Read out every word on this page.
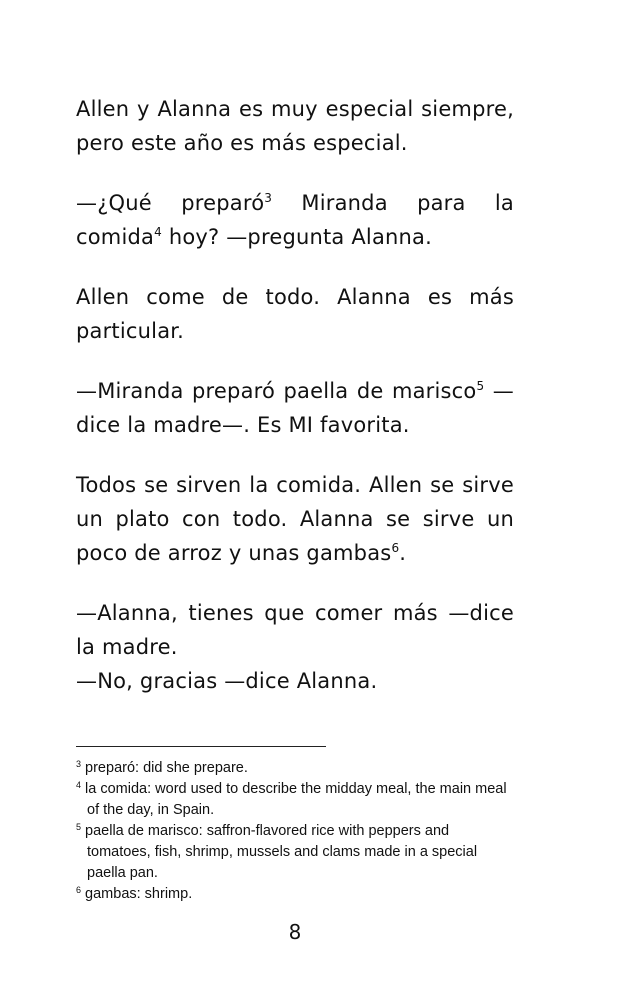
Allen y Alanna es muy especial siempre, pero este año es más especial.

—¿Qué preparó$^3$ Miranda para la comida$^4$ hoy? —pregunta Alanna.

Allen come de todo. Alanna es más particular.

—Miranda preparó paella de marisco$^5$ —dice la madre—. Es MI favorita.

Todos se sirven la comida. Allen se sirve un plato con todo. Alanna se sirve un poco de arroz y unas gambas$^6$.

—Alanna, tienes que comer más —dice la madre.
—No, gracias —dice Alanna.

$^3$ preparó: did she prepare.
$^4$ la comida: word used to describe the midday meal, the main meal of the day, in Spain.
$^5$ paella de marisco: saffron-flavored rice with peppers and tomatoes, fish, shrimp, mussels and clams made in a special paella pan.
$^6$ gambas: shrimp.
8
